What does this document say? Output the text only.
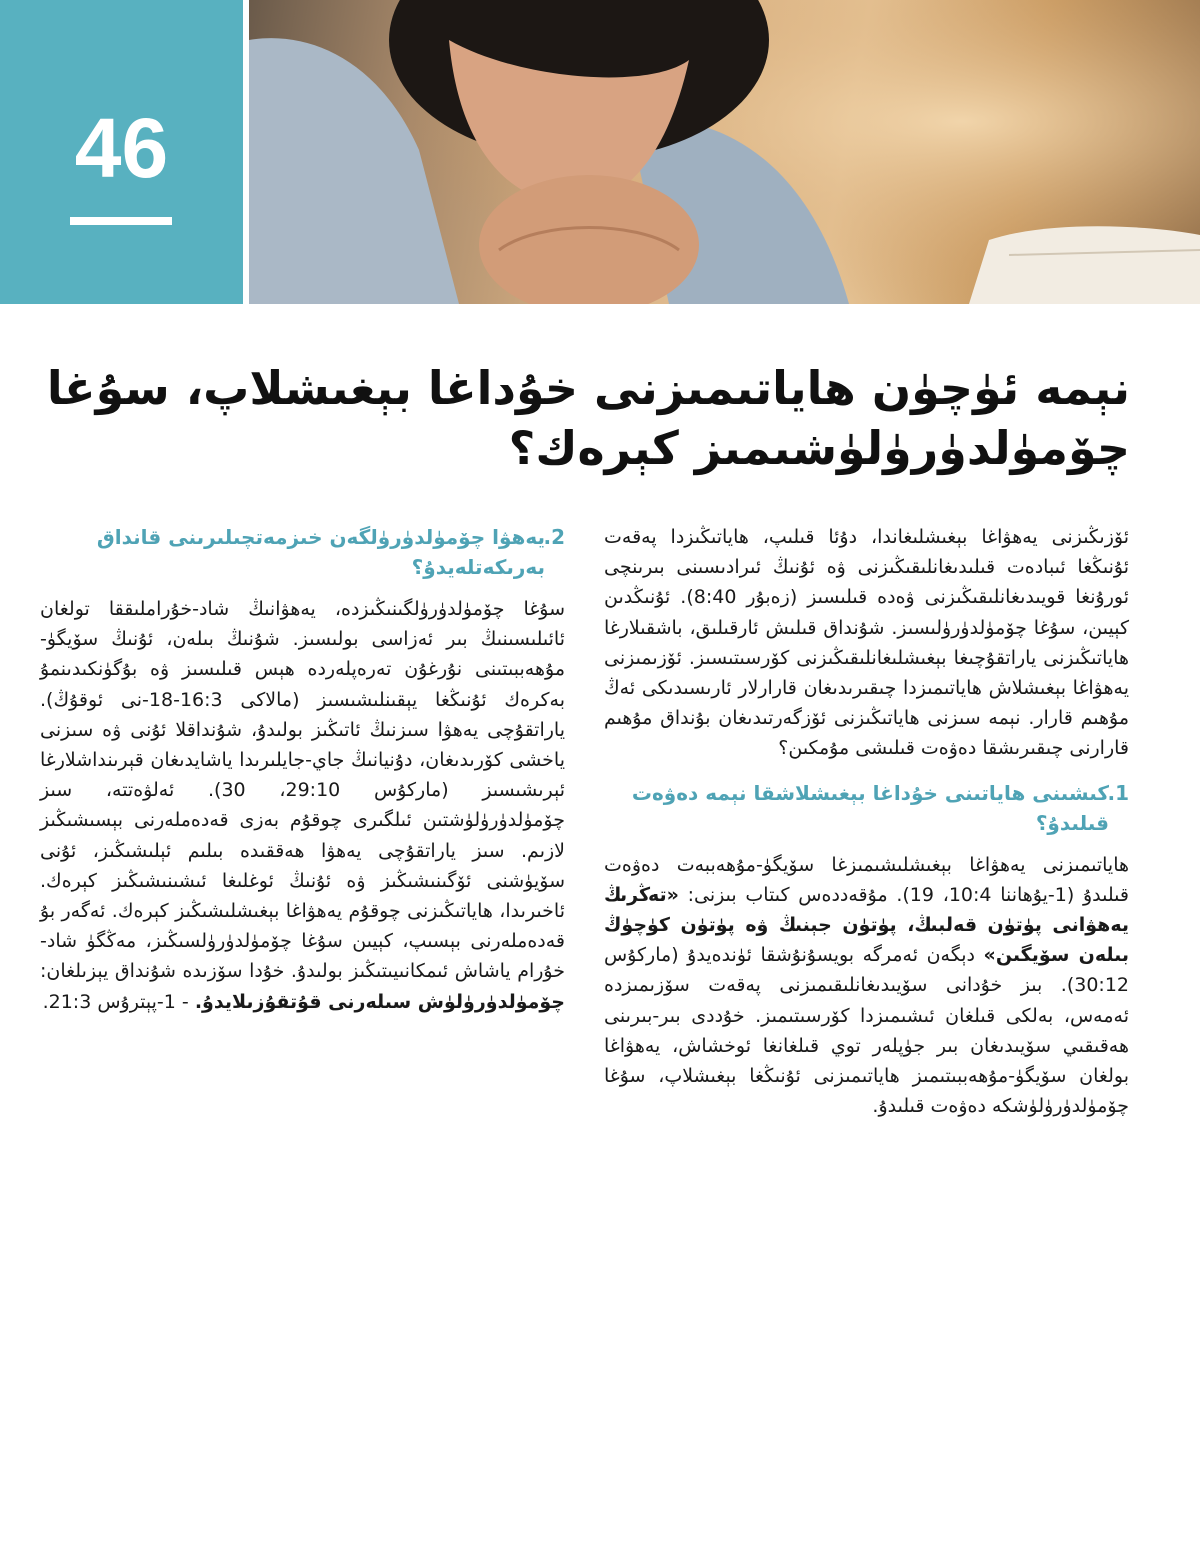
46
نېمە ئۈچۈن ھاياتىمىزنى خۇداغا بېغىشلاپ، سۇغا چۆمۈلدۈرۈلۈشىمىز كېرەك؟

ئۆزىڭىزنى يەھۋاغا بېغىشلىغاندا، دۇئا قىلىپ، ھاياتىڭىزدا پەقەت ئۇنىڭغا ئىبادەت قىلىدىغانلىقىڭىزنى ۋە ئۇنىڭ ئىرادىسىنى بىرىنچى ئورۇنغا قويىدىغانلىقىڭىزنى ۋەدە قىلىسىز (زەبۇر 8:40). ئۇنىڭدىن كېيىن، سۇغا چۆمۈلدۈرۈلىسىز. شۇنداق قىلىش ئارقىلىق، باشقىلارغا ھاياتىڭىزنى ياراتقۇچىغا بېغىشلىغانلىقىڭىزنى كۆرسىتىسىز. ئۆزىمىزنى يەھۋاغا بېغىشلاش ھاياتىمىزدا چىقىرىدىغان قارارلار ئارىسىدىكى ئەڭ مۇھىم قارار. نېمە سىزنى ھاياتىڭىزنى ئۆزگەرتىدىغان بۇنداق مۇھىم قارارنى چىقىرىشقا دەۋەت قىلىشى مۇمكىن؟

1.
كىشىنى ھاياتىنى خۇداغا بېغىشلاشقا نېمە دەۋەت قىلىدۇ؟

ھاياتىمىزنى يەھۋاغا بېغىشلىشىمىزغا سۆيگۈ-مۇھەببەت دەۋەت قىلىدۇ (1-يۇھاننا 10:4، 19). مۇقەددەس كىتاب بىزنى: «تەڭرىڭ يەھۋانى پۈتۈن قەلبىڭ، پۈتۈن جېنىڭ ۋە پۈتۈن كۈچۈڭ بىلەن سۆيگىن» دېگەن ئەمرگە بويسۇنۇشقا ئۈندەيدۇ (ماركۇس 30:12). بىز خۇدانى سۆيىدىغانلىقىمىزنى پەقەت سۆزىمىزدە ئەمەس، بەلكى قىلغان ئىشىمىزدا كۆرسىتىمىز. خۇددى بىر-بىرىنى ھەقىقىي سۆيىدىغان بىر جۈپلەر توي قىلغانغا ئوخشاش، يەھۋاغا بولغان سۆيگۈ-مۇھەببىتىمىز ھاياتىمىزنى ئۇنىڭغا بېغىشلاپ، سۇغا چۆمۈلدۈرۈلۈشكە دەۋەت قىلىدۇ.

2.
يەھۋا چۆمۈلدۈرۈلگەن خىزمەتچىلىرىنى قانداق بەرىكەتلەيدۇ؟

سۇغا چۆمۈلدۈرۈلگىنىڭىزدە، يەھۋانىڭ شاد-خۇراملىققا تولغان ئائىلىسىنىڭ بىر ئەزاسى بولىسىز. شۇنىڭ بىلەن، ئۇنىڭ سۆيگۈ-مۇھەببىتىنى نۇرغۇن تەرەپلەردە ھېس قىلىسىز ۋە بۇگۈنكىدىنمۇ بەكرەك ئۇنىڭغا يېقىنلىشىسىز (مالاكى 16:3-18-نى ئوقۇڭ). ياراتقۇچى يەھۋا سىزنىڭ ئاتىڭىز بولىدۇ، شۇنداقلا ئۇنى ۋە سىزنى ياخشى كۆرىدىغان، دۇنيانىڭ جاي-جايلىرىدا ياشايدىغان قېرىنداشلارغا ئېرىشىسىز (ماركۇس 29:10، 30). ئەلۋەتتە، سىز چۆمۈلدۈرۈلۈشتىن ئىلگىرى چوقۇم بەزى قەدەملەرنى بېسىشىڭىز لازىم. سىز ياراتقۇچى يەھۋا ھەققىدە بىلىم ئېلىشىڭىز، ئۇنى سۆيۈشنى ئۆگىنىشىڭىز ۋە ئۇنىڭ ئوغلىغا ئىشىنىشىڭىز كېرەك. ئاخىرىدا، ھاياتىڭىزنى چوقۇم يەھۋاغا بېغىشلىشىڭىز كېرەك. ئەگەر بۇ قەدەملەرنى بېسىپ، كېيىن سۇغا چۆمۈلدۈرۈلسىڭىز، مەڭگۈ شاد-خۇرام ياشاش ئىمكانىيىتىڭىز بولىدۇ. خۇدا سۆزىدە شۇنداق يېزىلغان: چۆمۈلدۈرۈلۈش سىلەرنى قۇتقۇزىلايدۇ. - 1-پېترۇس 21:3.
